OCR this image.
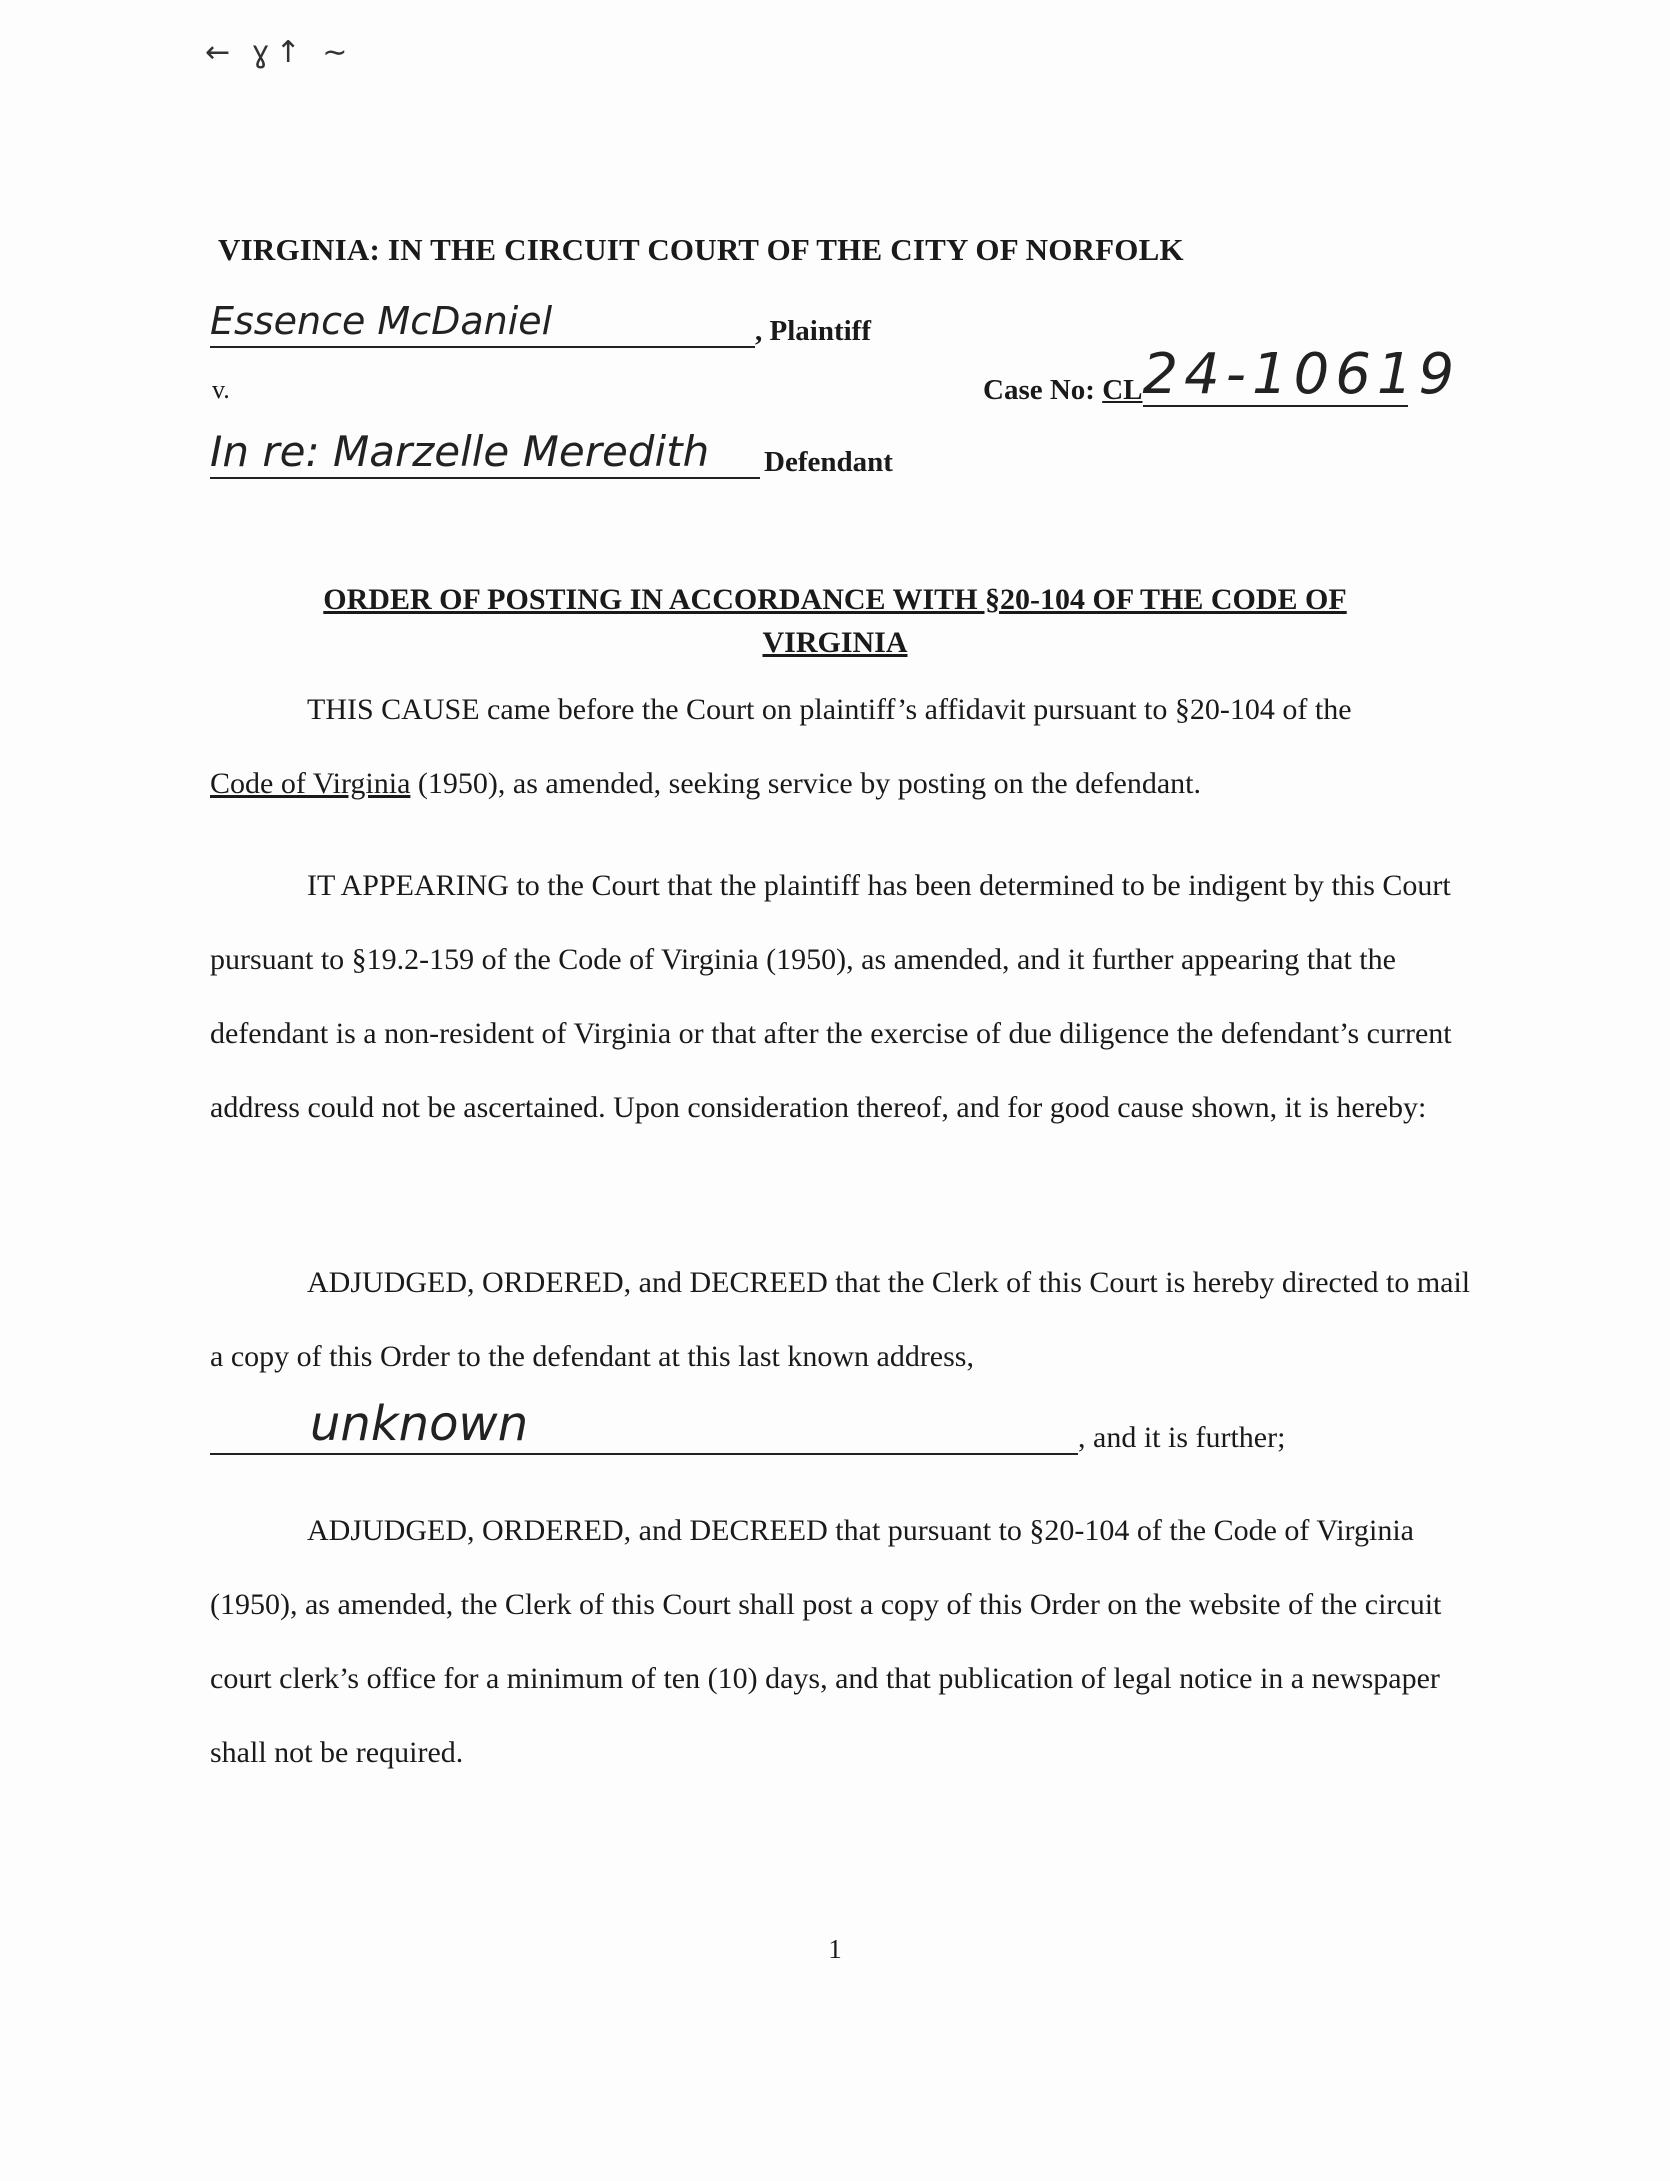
← ɣ↑ ∼
VIRGINIA: IN THE CIRCUIT COURT OF THE CITY OF NORFOLK
Essence McDaniel	, Plaintiff
v.	Case No: CL24-10619
In re: Marzelle Meredith Defendant
ORDER OF POSTING IN ACCORDANCE WITH §20-104 OF THE CODE OF
VIRGINIA
THIS CAUSE came before the Court on plaintiff’s affidavit pursuant to §20-104 of the
Code of Virginia (1950), as amended, seeking service by posting on the defendant.
IT APPEARING to the Court that the plaintiff has been determined to be indigent by this Court pursuant to §19.2-159 of the Code of Virginia (1950), as amended, and it further appearing that the defendant is a non-resident of Virginia or that after the exercise of due diligence the defendant’s current address could not be ascertained. Upon consideration thereof, and for good cause shown, it is hereby:
ADJUDGED, ORDERED, and DECREED that the Clerk of this Court is hereby directed to mail a copy of this Order to the defendant at this last known address,
unknown	, and it is further;
ADJUDGED, ORDERED, and DECREED that pursuant to §20-104 of the Code of Virginia (1950), as amended, the Clerk of this Court shall post a copy of this Order on the website of the circuit court clerk’s office for a minimum of ten (10) days, and that publication of legal notice in a newspaper shall not be required.
1
